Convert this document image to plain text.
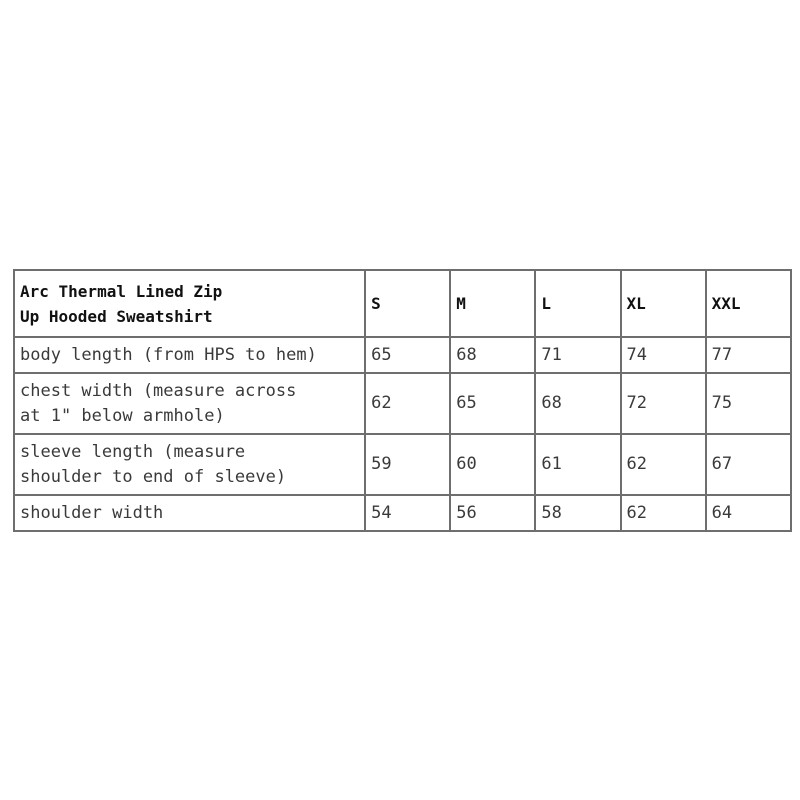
Arc Thermal Lined Zip
Up Hooded Sweatshirt	S	M	L	XL	XXL
body length (from HPS to hem)	65	68	71	74	77
chest width (measure across
at 1" below armhole)	62	65	68	72	75
sleeve length (measure
shoulder to end of sleeve)	59	60	61	62	67
shoulder width	54	56	58	62	64
